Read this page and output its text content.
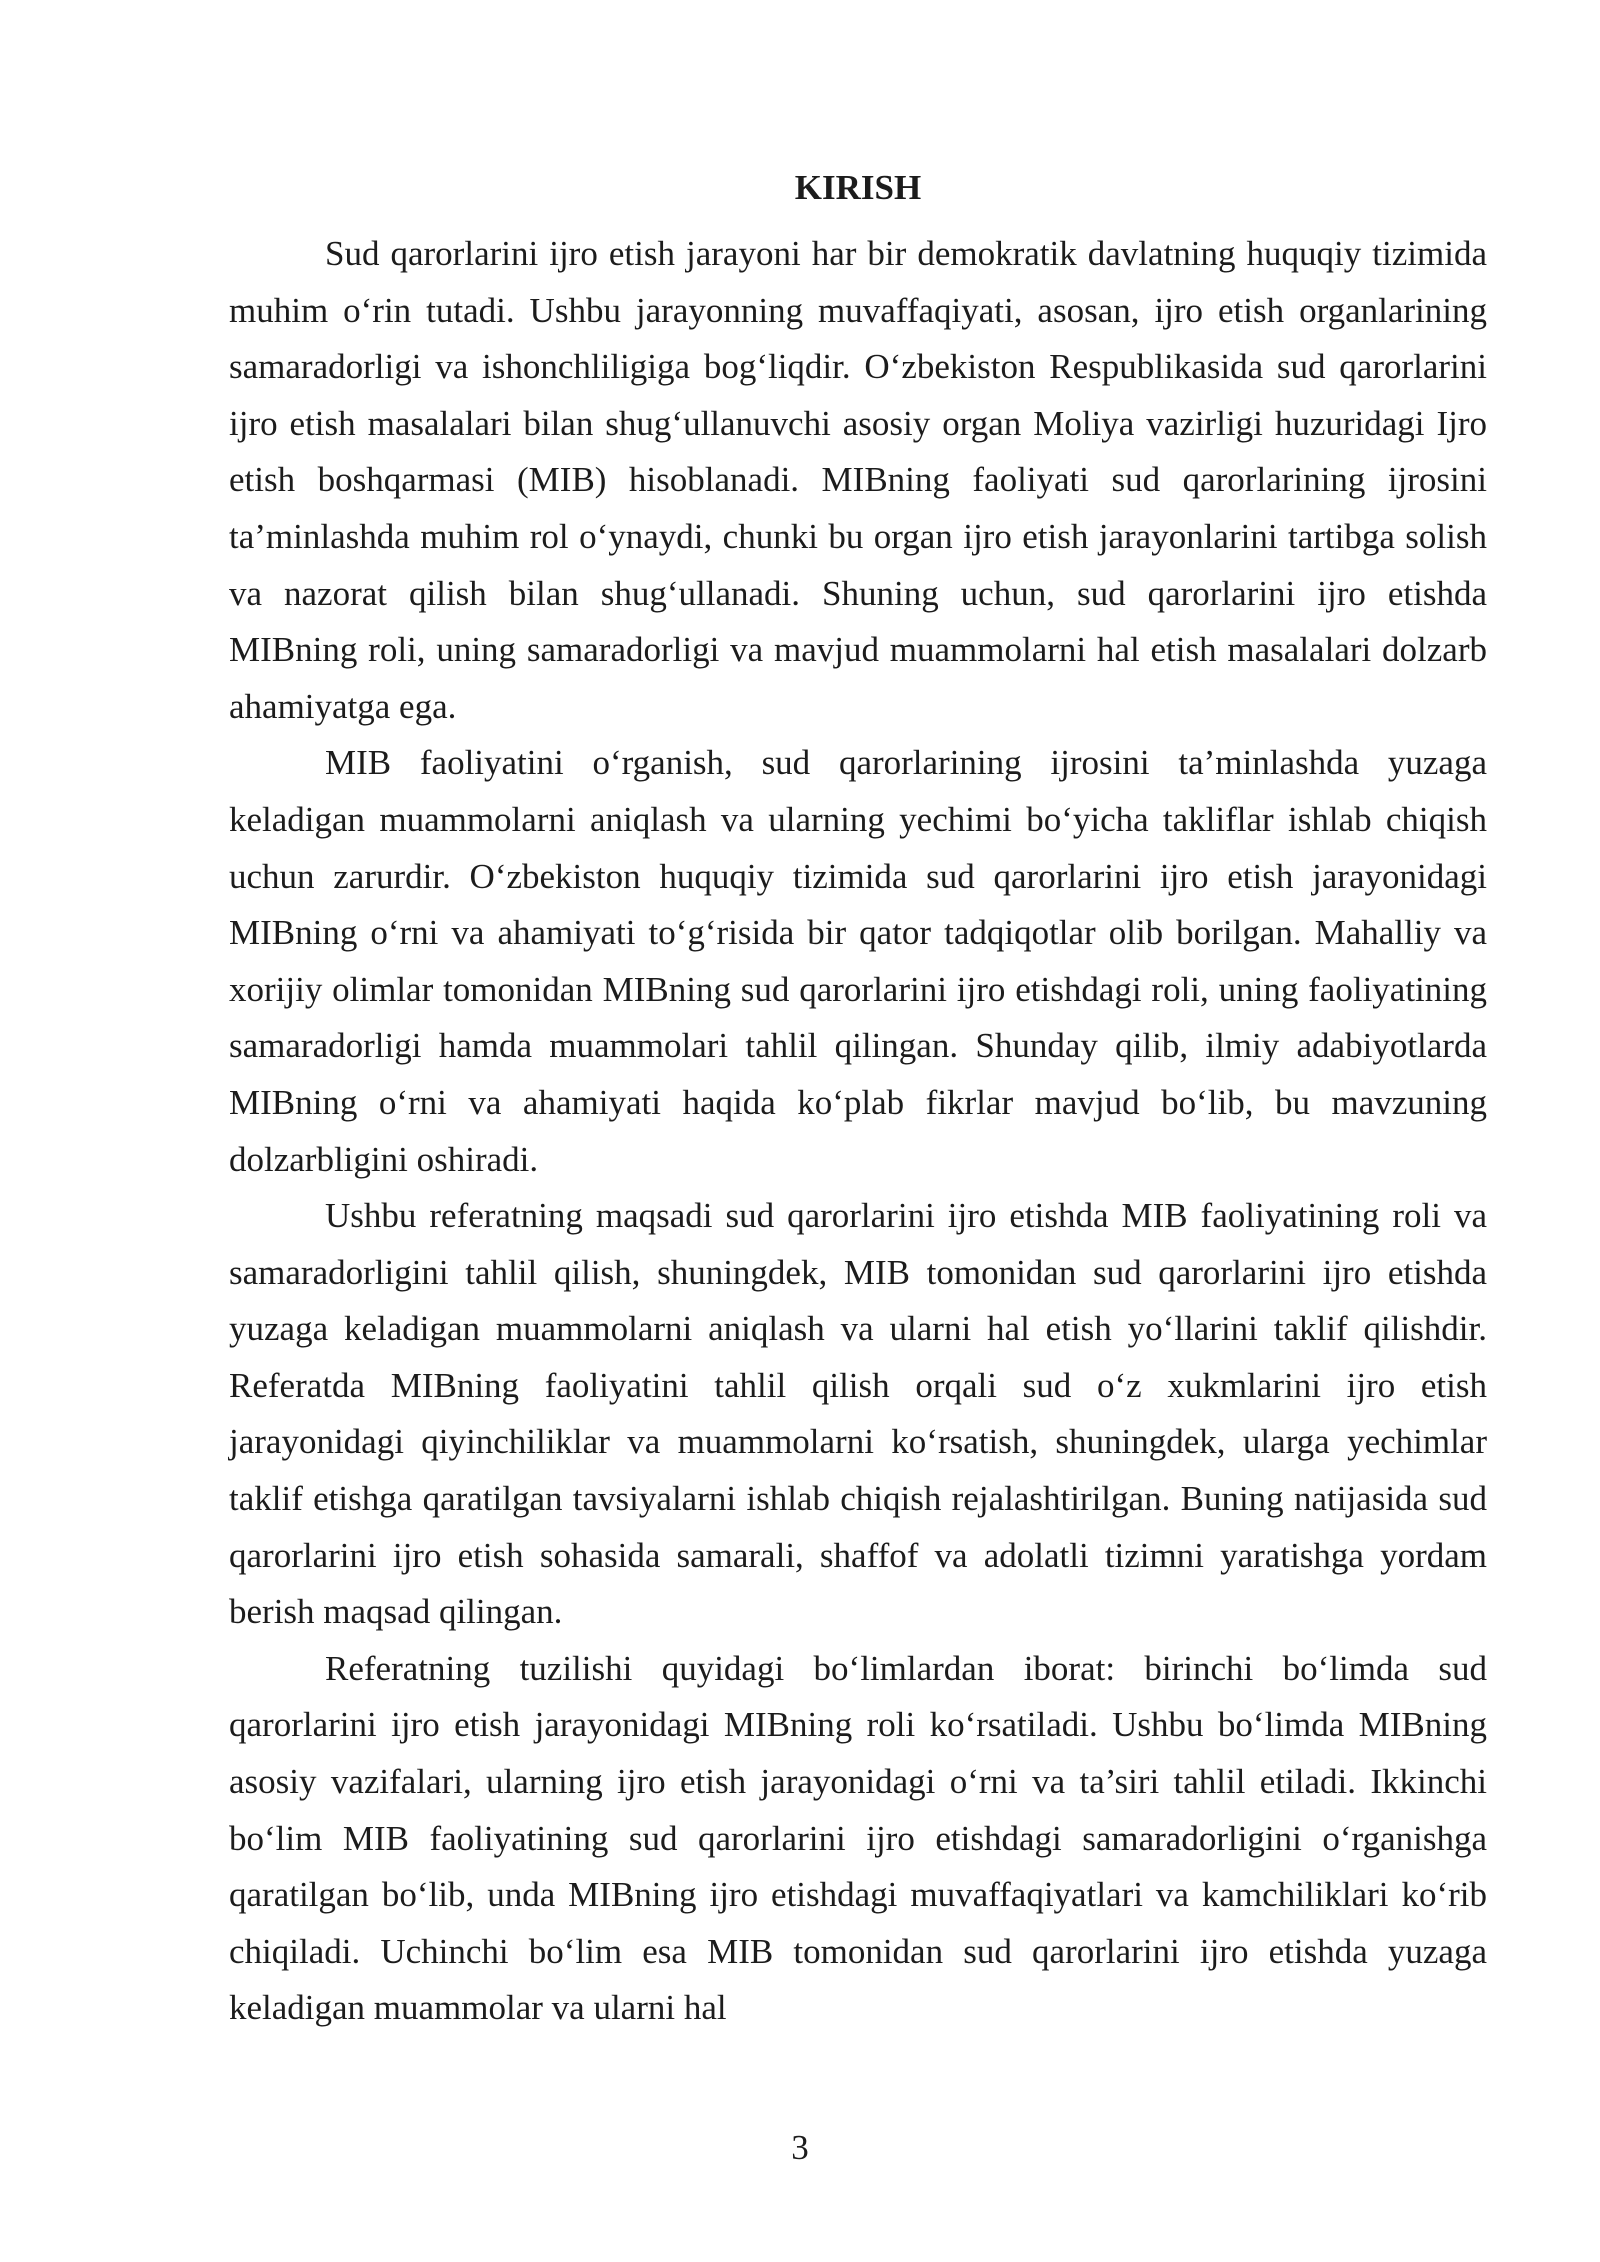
KIRISH

Sud qarorlarini ijro etish jarayoni har bir demokratik davlatning huquqiy tizimida muhim o‘rin tutadi. Ushbu jarayonning muvaffaqiyati, asosan, ijro etish organlarining samaradorligi va ishonchliligiga bog‘liqdir. O‘zbekiston Respublikasida sud qarorlarini ijro etish masalalari bilan shug‘ullanuvchi asosiy organ Moliya vazirligi huzuridagi Ijro etish boshqarmasi (MIB) hisoblanadi. MIBning faoliyati sud qarorlarining ijrosini ta’minlashda muhim rol o‘ynaydi, chunki bu organ ijro etish jarayonlarini tartibga solish va nazorat qilish bilan shug‘ullanadi. Shuning uchun, sud qarorlarini ijro etishda MIBning roli, uning samaradorligi va mavjud muammolarni hal etish masalalari dolzarb ahamiyatga ega.

MIB faoliyatini o‘rganish, sud qarorlarining ijrosini ta’minlashda yuzaga keladigan muammolarni aniqlash va ularning yechimi bo‘yicha takliflar ishlab chiqish uchun zarurdir. O‘zbekiston huquqiy tizimida sud qarorlarini ijro etish jarayonidagi MIBning o‘rni va ahamiyati to‘g‘risida bir qator tadqiqotlar olib borilgan. Mahalliy va xorijiy olimlar tomonidan MIBning sud qarorlarini ijro etishdagi roli, uning faoliyatining samaradorligi hamda muammolari tahlil qilingan. Shunday qilib, ilmiy adabiyotlarda MIBning o‘rni va ahamiyati haqida ko‘plab fikrlar mavjud bo‘lib, bu mavzuning dolzarbligini oshiradi.

Ushbu referatning maqsadi sud qarorlarini ijro etishda MIB faoliyatining roli va samaradorligini tahlil qilish, shuningdek, MIB tomonidan sud qarorlarini ijro etishda yuzaga keladigan muammolarni aniqlash va ularni hal etish yo‘llarini taklif qilishdir. Referatda MIBning faoliyatini tahlil qilish orqali sud o‘z xukmlarini ijro etish jarayonidagi qiyinchiliklar va muammolarni ko‘rsatish, shuningdek, ularga yechimlar taklif etishga qaratilgan tavsiyalarni ishlab chiqish rejalashtirilgan. Buning natijasida sud qarorlarini ijro etish sohasida samarali, shaffof va adolatli tizimni yaratishga yordam berish maqsad qilingan.

Referatning tuzilishi quyidagi bo‘limlardan iborat: birinchi bo‘limda sud qarorlarini ijro etish jarayonidagi MIBning roli ko‘rsatiladi. Ushbu bo‘limda MIBning asosiy vazifalari, ularning ijro etish jarayonidagi o‘rni va ta’siri tahlil etiladi. Ikkinchi bo‘lim MIB faoliyatining sud qarorlarini ijro etishdagi samaradorligini o‘rganishga qaratilgan bo‘lib, unda MIBning ijro etishdagi muvaffaqiyatlari va kamchiliklari ko‘rib chiqiladi. Uchinchi bo‘lim esa MIB tomonidan sud qarorlarini ijro etishda yuzaga keladigan muammolar va ularni hal

3
